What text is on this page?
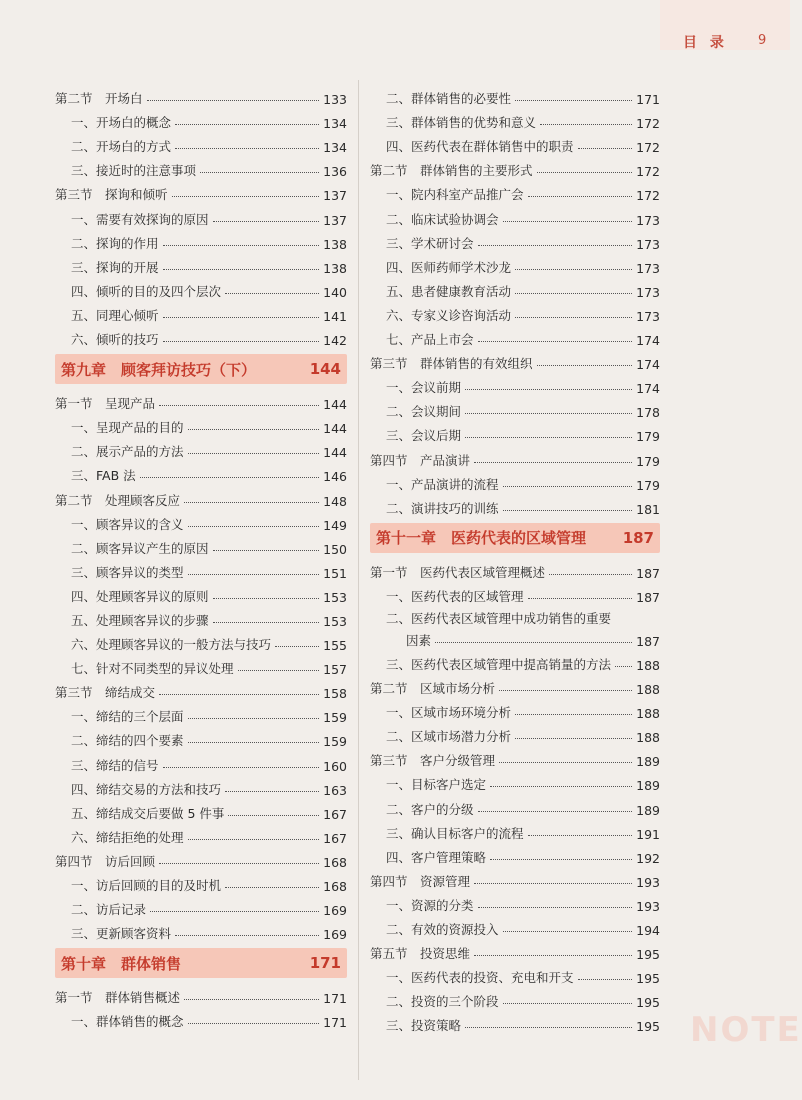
目 录 9
第二节　开场白	133
一、开场白的概念	134
二、开场白的方式	134
三、接近时的注意事项	136
第三节　探询和倾听	137
一、需要有效探询的原因	137
二、探询的作用	138
三、探询的开展	138
四、倾听的目的及四个层次	140
五、同理心倾听	141
六、倾听的技巧	142
第九章　顾客拜访技巧（下）	144
第一节　呈现产品	144
一、呈现产品的目的	144
二、展示产品的方法	144
三、FAB 法	146
第二节　处理顾客反应	148
一、顾客异议的含义	149
二、顾客异议产生的原因	150
三、顾客异议的类型	151
四、处理顾客异议的原则	153
五、处理顾客异议的步骤	153
六、处理顾客异议的一般方法与技巧	155
七、针对不同类型的异议处理	157
第三节　缔结成交	158
一、缔结的三个层面	159
二、缔结的四个要素	159
三、缔结的信号	160
四、缔结交易的方法和技巧	163
五、缔结成交后要做 5 件事	167
六、缔结拒绝的处理	167
第四节　访后回顾	168
一、访后回顾的目的及时机	168
二、访后记录	169
三、更新顾客资料	169
第十章　群体销售	171
第一节　群体销售概述	171
一、群体销售的概念	171
二、群体销售的必要性	171
三、群体销售的优势和意义	172
四、医药代表在群体销售中的职责	172
第二节　群体销售的主要形式	172
一、院内科室产品推广会	172
二、临床试验协调会	173
三、学术研讨会	173
四、医师药师学术沙龙	173
五、患者健康教育活动	173
六、专家义诊咨询活动	173
七、产品上市会	174
第三节　群体销售的有效组织	174
一、会议前期	174
二、会议期间	178
三、会议后期	179
第四节　产品演讲	179
一、产品演讲的流程	179
二、演讲技巧的训练	181
第十一章　医药代表的区域管理 187
第一节　医药代表区域管理概述	187
一、医药代表的区域管理	187
二、医药代表区域管理中成功销售的重要
因素	187
三、医药代表区域管理中提高销量的方法 188
第二节　区域市场分析	188
一、区域市场环境分析	188
二、区域市场潜力分析	188
第三节　客户分级管理	189
一、目标客户选定	189
二、客户的分级	189
三、确认目标客户的流程	191
四、客户管理策略	192
第四节　资源管理	193
一、资源的分类	193
二、有效的资源投入	194
第五节　投资思维	195
一、医药代表的投资、充电和开支	195
二、投资的三个阶段	195
三、投资策略	195 NOTE
